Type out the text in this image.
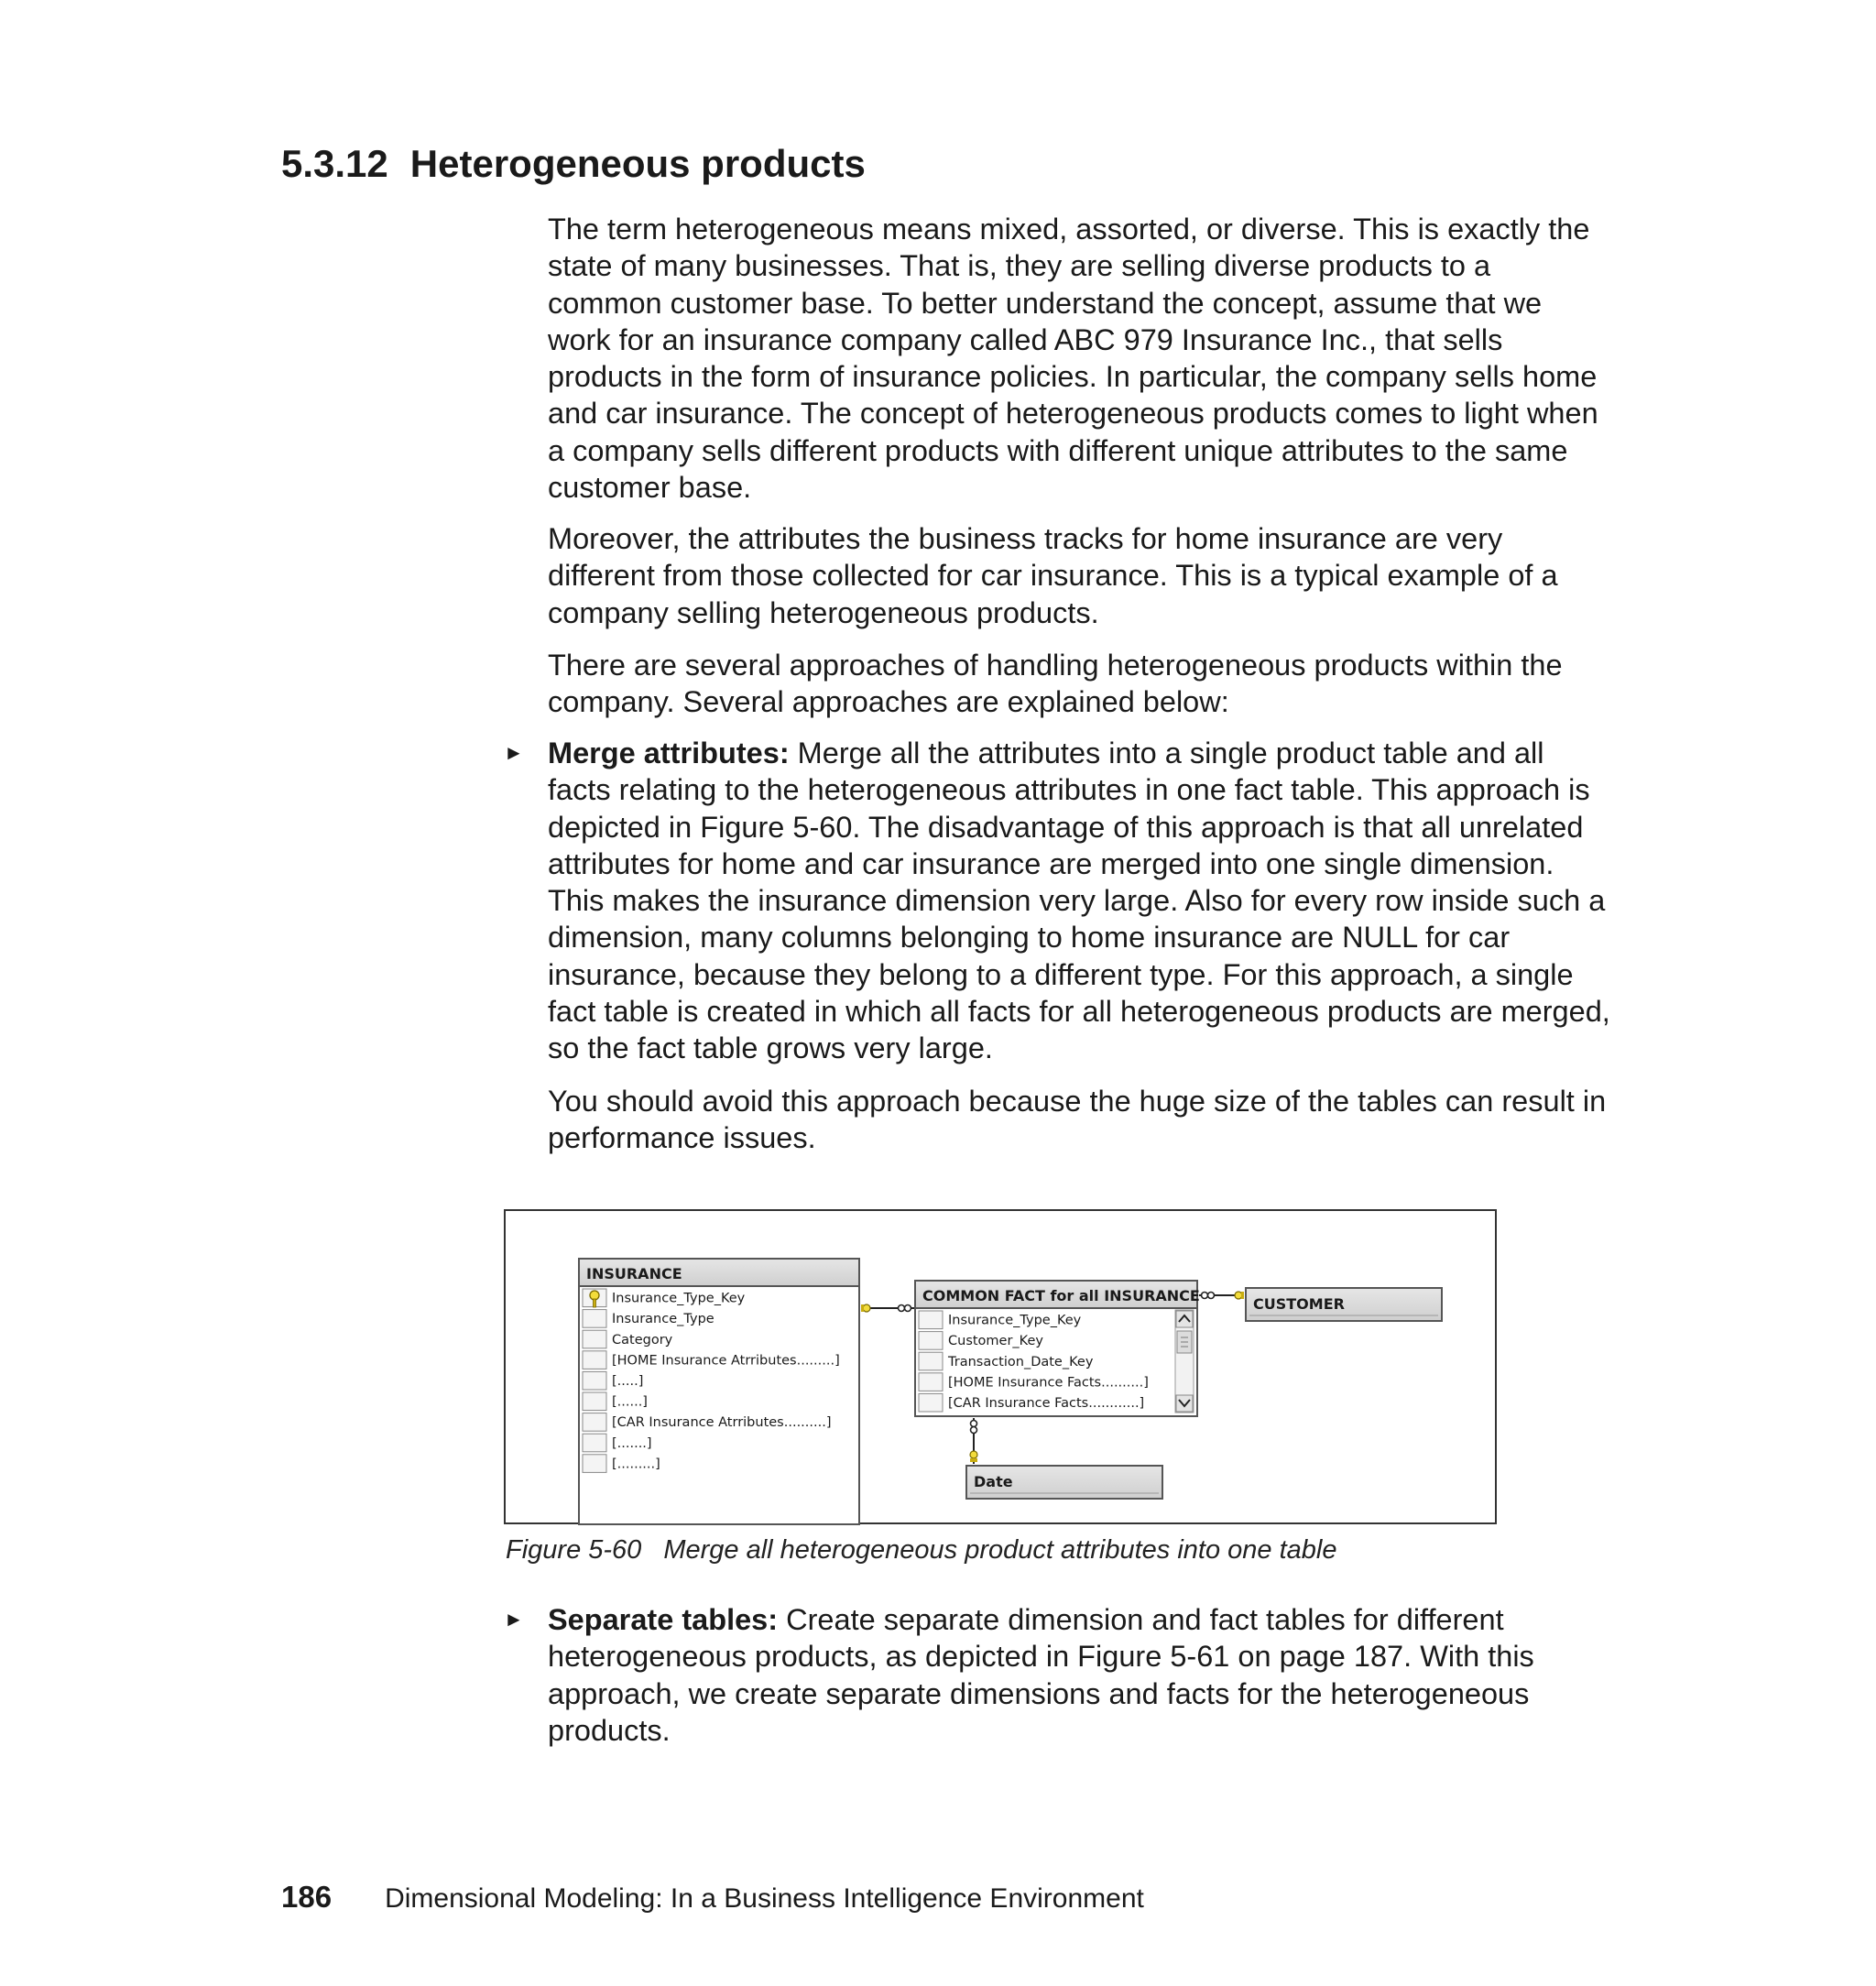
5.3.12 Heterogeneous products

The term heterogeneous means mixed, assorted, or diverse. This is exactly the state of many businesses. That is, they are selling diverse products to a common customer base. To better understand the concept, assume that we work for an insurance company called ABC 979 Insurance Inc., that sells products in the form of insurance policies. In particular, the company sells home and car insurance. The concept of heterogeneous products comes to light when a company sells different products with different unique attributes to the same customer base.

Moreover, the attributes the business tracks for home insurance are very different from those collected for car insurance. This is a typical example of a company selling heterogeneous products.

There are several approaches of handling heterogeneous products within the company. Several approaches are explained below:

► Merge attributes: Merge all the attributes into a single product table and all facts relating to the heterogeneous attributes in one fact table. This approach is depicted in Figure 5-60. The disadvantage of this approach is that all unrelated attributes for home and car insurance are merged into one single dimension. This makes the insurance dimension very large. Also for every row inside such a dimension, many columns belonging to home insurance are NULL for car insurance, because they belong to a different type. For this approach, a single fact table is created in which all facts for all heterogeneous products are merged, so the fact table grows very large.

You should avoid this approach because the huge size of the tables can result in performance issues.

INSURANCE
Insurance_Type_Key
Insurance_Type
Category
[HOME Insurance Atrributes.........]
[.....]
[......]
[CAR Insurance Atrributes..........]
[.......]
[.........]
COMMON FACT for all INSURANCE
Insurance_Type_Key
Customer_Key
Transaction_Date_Key
[HOME Insurance Facts..........]
[CAR Insurance Facts............]
CUSTOMER
Date
Figure 5-60 Merge all heterogeneous product attributes into one table
► Separate tables: Create separate dimension and fact tables for different heterogeneous products, as depicted in Figure 5-61 on page 187. With this approach, we create separate dimensions and facts for the heterogeneous products.
186 Dimensional Modeling: In a Business Intelligence Environment
